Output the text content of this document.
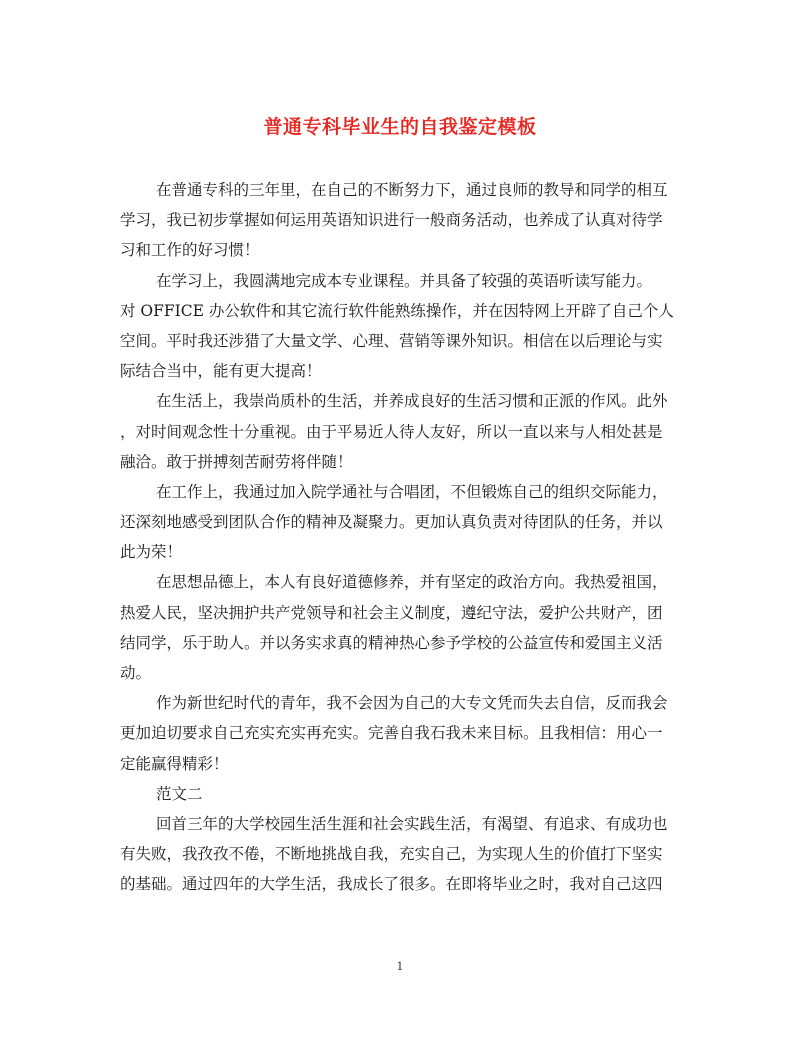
普通专科毕业生的自我鉴定模板
在普通专科的三年里，在自己的不断努力下，通过良师的教导和同学的相互
学习，我已初步掌握如何运用英语知识进行一般商务活动，也养成了认真对待学
习和工作的好习惯！
在学习上，我圆满地完成本专业课程。并具备了较强的英语听读写能力。
对 OFFICE 办公软件和其它流行软件能熟练操作，并在因特网上开辟了自己个人
空间。平时我还涉猎了大量文学、心理、营销等课外知识。相信在以后理论与实
际结合当中，能有更大提高！
在生活上，我崇尚质朴的生活，并养成良好的生活习惯和正派的作风。此外
，对时间观念性十分重视。由于平易近人待人友好，所以一直以来与人相处甚是
融洽。敢于拼搏刻苦耐劳将伴随！
在工作上，我通过加入院学通社与合唱团，不但锻炼自己的组织交际能力，
还深刻地感受到团队合作的精神及凝聚力。更加认真负责对待团队的任务，并以
此为荣！
在思想品德上，本人有良好道德修养，并有坚定的政治方向。我热爱祖国，
热爱人民，坚决拥护共产党领导和社会主义制度，遵纪守法，爱护公共财产，团
结同学，乐于助人。并以务实求真的精神热心参予学校的公益宣传和爱国主义活
动。
作为新世纪时代的青年，我不会因为自己的大专文凭而失去自信，反而我会
更加迫切要求自己充实充实再充实。完善自我石我未来目标。且我相信：用心一
定能赢得精彩！
范文二
回首三年的大学校园生活生涯和社会实践生活，有渴望、有追求、有成功也
有失败，我孜孜不倦，不断地挑战自我，充实自己，为实现人生的价值打下坚实
的基础。通过四年的大学生活，我成长了很多。在即将毕业之时，我对自己这四
1
